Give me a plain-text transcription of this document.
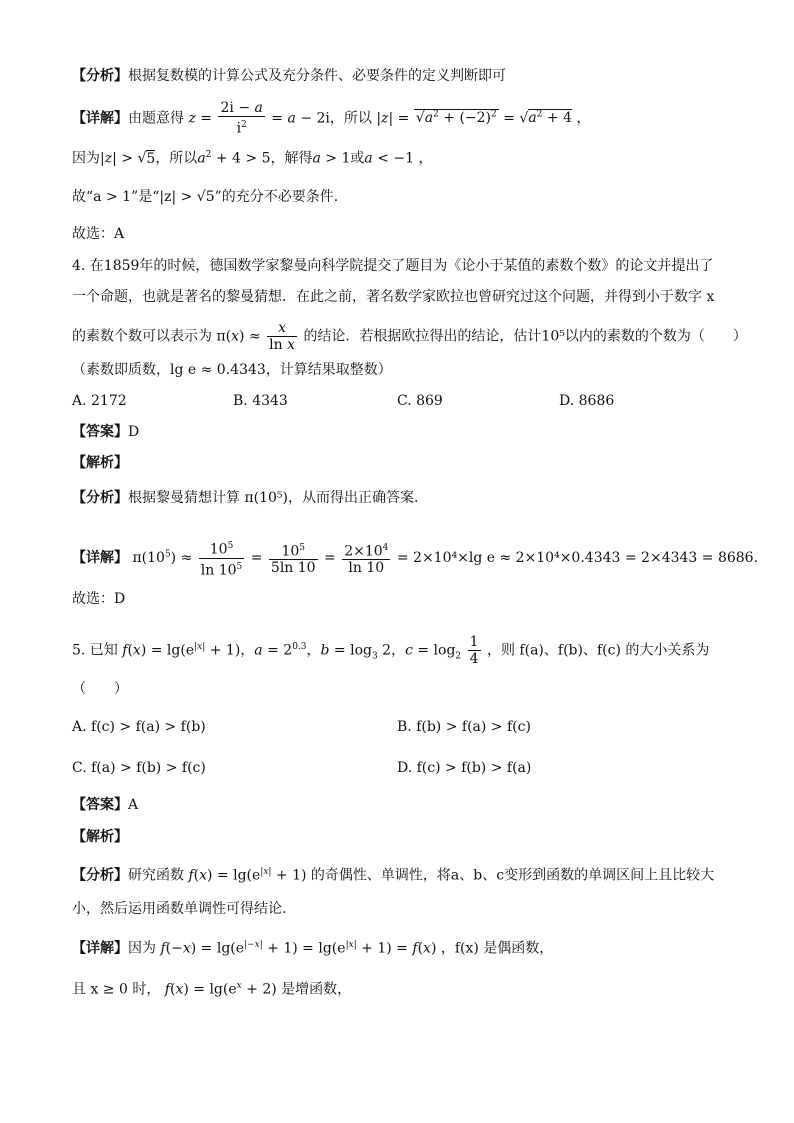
【分析】根据复数模的计算公式及充分条件、必要条件的定义判断即可
【详解】由题意得 $z = \frac{2i - a}{i^2} = a - 2i$，所以 $|z| = √a^2 + (-2)^2 = √a^2 + 4$ ，
因为|z| > √5，所以$a^2 + 4 > 5$，解得a > 1或a < −1 ，
故“a > 1”是“|z| > √5”的充分不必要条件.
故选：A
4. 在1859年的时候，德国数学家黎曼向科学院提交了题目为《论小于某值的素数个数》的论文并提出了
一个命题，也就是著名的黎曼猜想．在此之前，著名数学家欧拉也曾研究过这个问题，并得到小于数字 x
的素数个数可以表示为 $\pi(x) \approx \frac{x}{\text{ln x}}$ 的结论．若根据欧拉得出的结论，估计10⁵以内的素数的个数为（　　）
（素数即质数，lg e ≈ 0.4343，计算结果取整数）
A. 2172	B. 4343	C. 869	D. 8686
【答案】D
【解析】
【分析】根据黎曼猜想计算 π(10⁵)，从而得出正确答案.
【详解】 $\pi(10^5) \approx \frac{10^5}{\ln 10^5} = \frac{10^5}{5\ln 10} = \frac{2\times 10^4}{\ln 10} = 2\times 10^4\times\lg$ e ≈ 2×10⁴×0.4343 = 2×4343 = 8686.
故选：D
5. 已知 $f(x) = \lg(e^{|x|} + 1)$，$a = 2^{0.3}$，$b = \log_3 2$，$c = \log_2 \frac{1}{4}$ ，则 f(a)、f(b)、f(c) 的大小关系为
（　　）
A. f(c) > f(a) > f(b)	B. f(b) > f(a) > f(c)
C. f(a) > f(b) > f(c)	D. f(c) > f(b) > f(a)
【答案】A
【解析】
【分析】研究函数 $f(x) = \lg(e^{|x|} + 1)$ 的奇偶性、单调性，将a、b、c变形到函数的单调区间上且比较大
小，然后运用函数单调性可得结论.
【详解】因为 $f(-x) = \lg(e^{|-x|} + 1) = \lg(e^{|x|} + 1) = f(x)$ ，f(x) 是偶函数，
且 x ≥ 0 时， $f(x) = \lg(e^x + 2)$ 是增函数，
